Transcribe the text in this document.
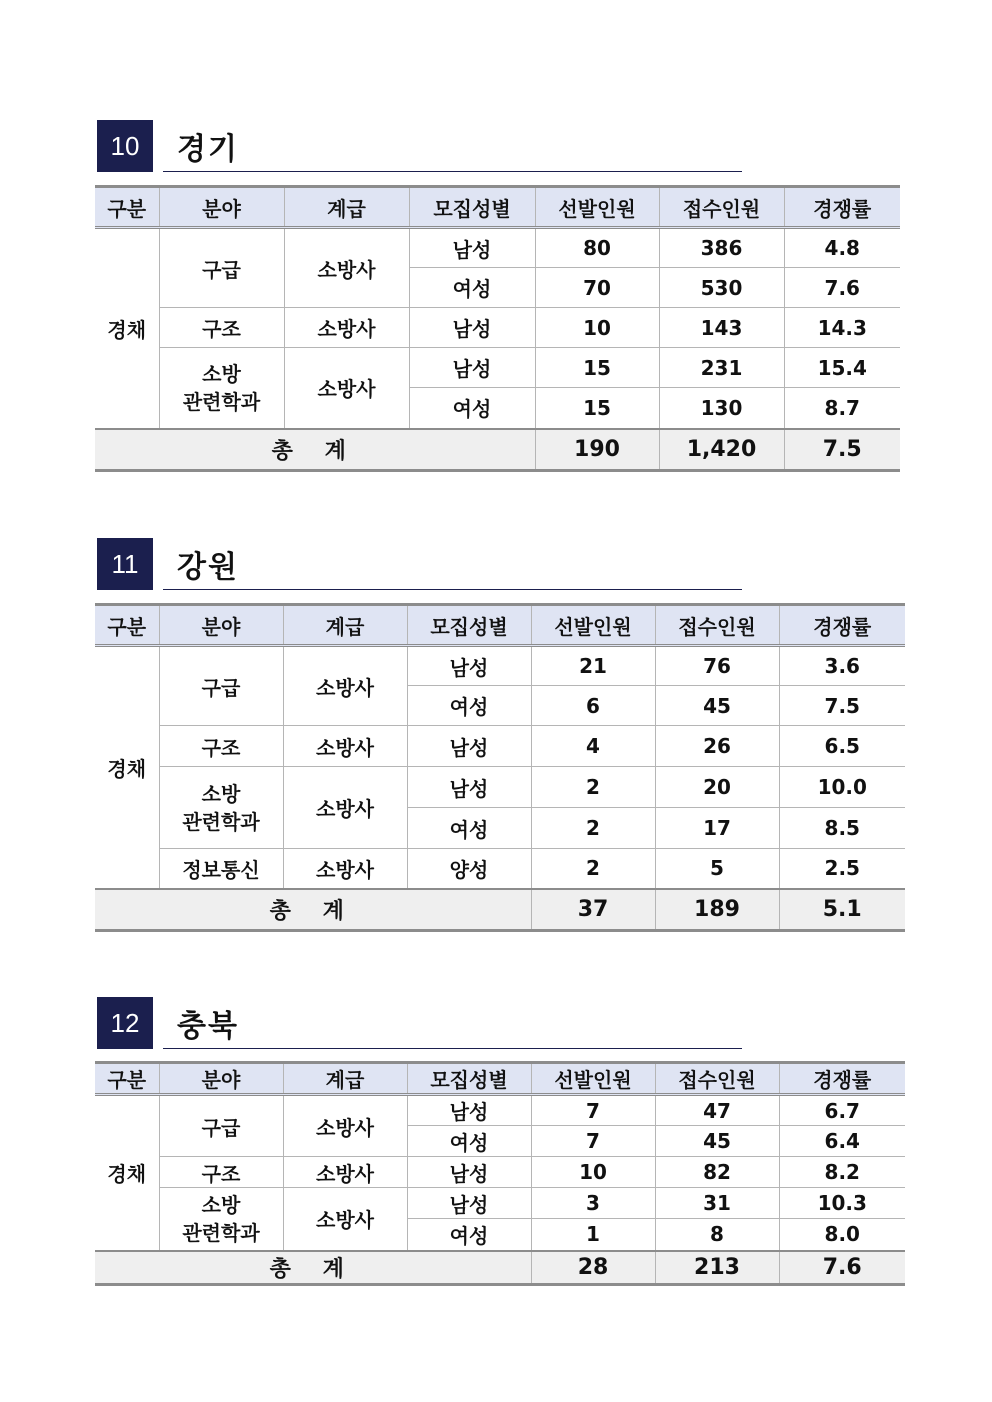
10	경기
구분	분야	계급	모집성별	선발인원	접수인원	경쟁률
경채	구급	소방사	남성	80	386	4.8
			여성	70	530	7.6
	구조	소방사	남성	10	143	14.3
	소방
관련학과	소방사	남성	15	231	15.4
			여성	15	130	8.7
총 계				190	1,420	7.5
11	강원
구분	분야	계급	모집성별	선발인원	접수인원	경쟁률
경채	구급	소방사	남성	21	76	3.6
			여성	6	45	7.5
	구조	소방사	남성	4	26	6.5
	소방
관련학과	소방사	남성	2	20	10.0
			여성	2	17	8.5
	정보통신	소방사	양성	2	5	2.5
총 계				37	189	5.1
12	충북
구분	분야	계급	모집성별	선발인원	접수인원	경쟁률
경채	구급	소방사	남성	7	47	6.7
			여성	7	45	6.4
	구조	소방사	남성	10	82	8.2
	소방
관련학과	소방사	남성	3	31	10.3
			여성	1	8	8.0
총 계				28	213	7.6
